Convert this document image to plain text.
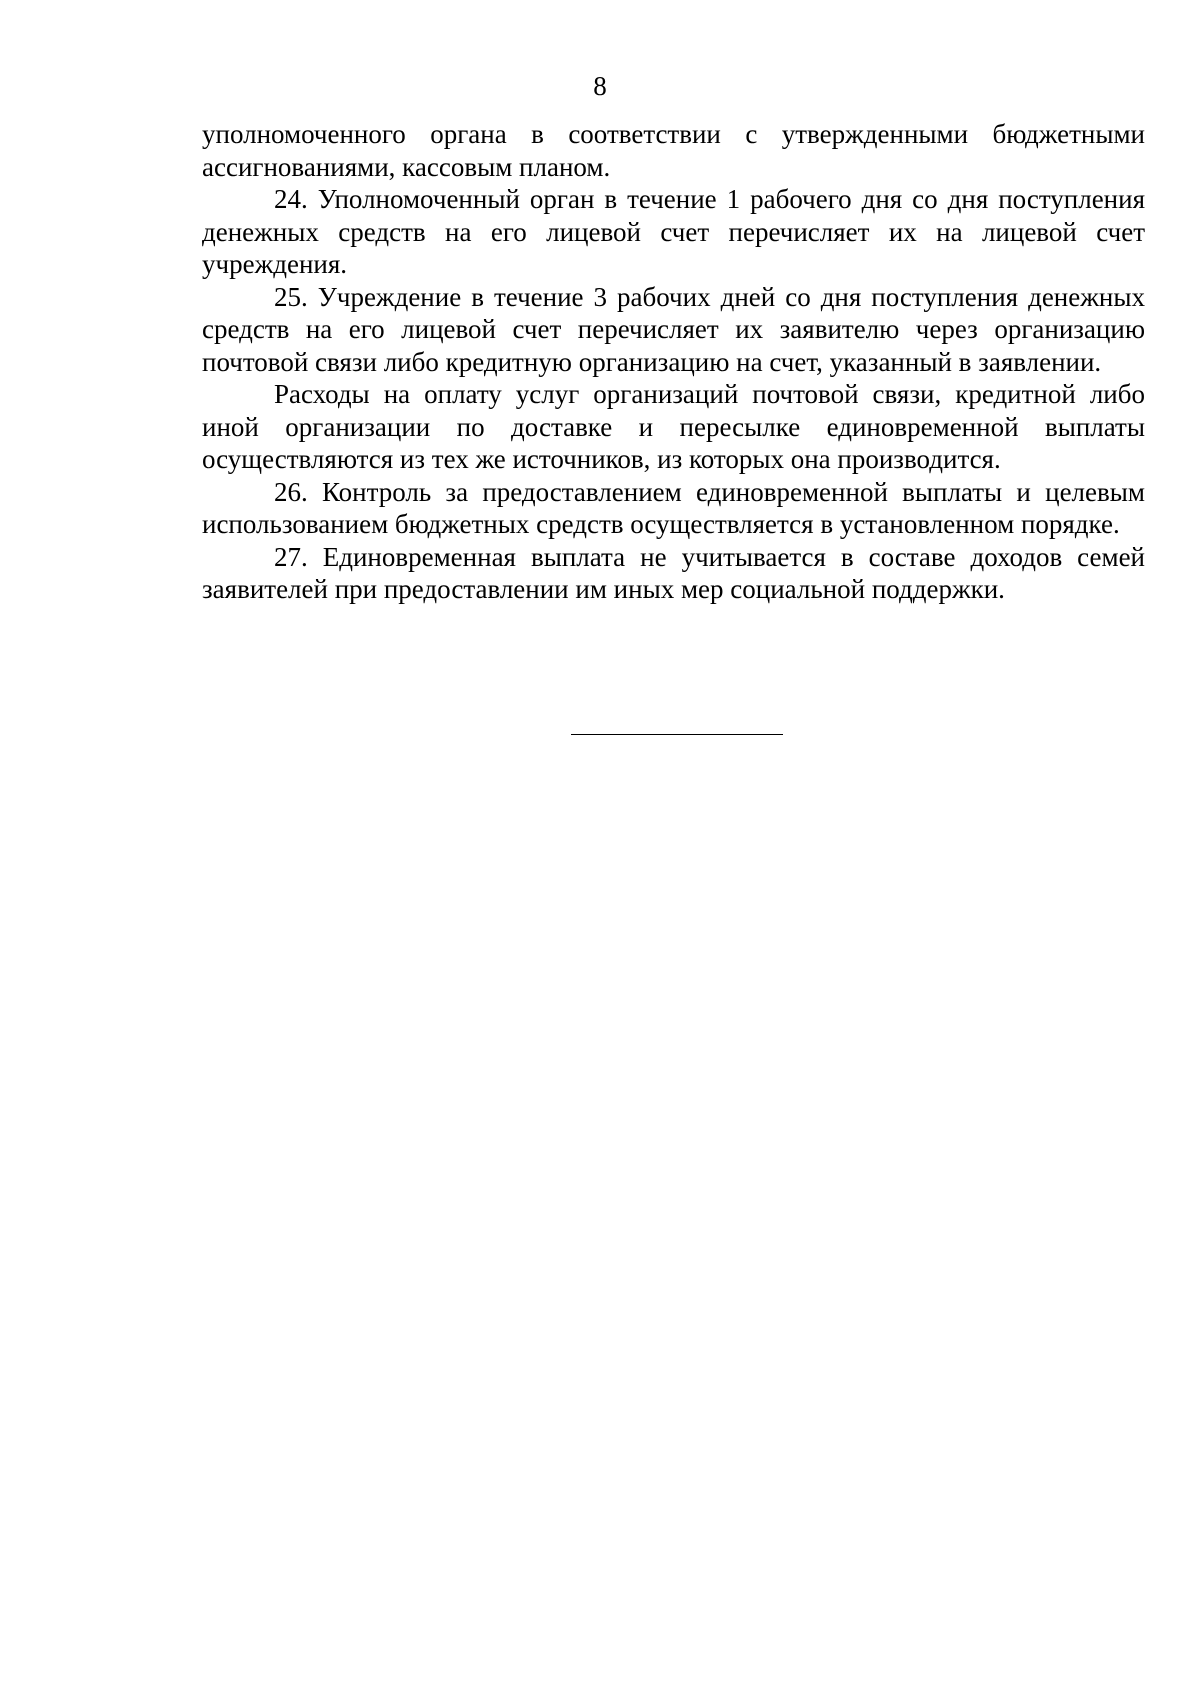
8

уполномоченного органа в соответствии с утвержденными бюджетными ассигнованиями, кассовым планом.

24. Уполномоченный орган в течение 1 рабочего дня со дня поступления денежных средств на его лицевой счет перечисляет их на лицевой счет учреждения.

25. Учреждение в течение 3 рабочих дней со дня поступления денежных средств на его лицевой счет перечисляет их заявителю через организацию почтовой связи либо кредитную организацию на счет, указанный в заявлении.

Расходы на оплату услуг организаций почтовой связи, кредитной либо иной организации по доставке и пересылке единовременной выплаты осуществляются из тех же источников, из которых она производится.

26. Контроль за предоставлением единовременной выплаты и целевым использованием бюджетных средств осуществляется в установленном порядке.

27. Единовременная выплата не учитывается в составе доходов семей заявителей при предоставлении им иных мер социальной поддержки.
